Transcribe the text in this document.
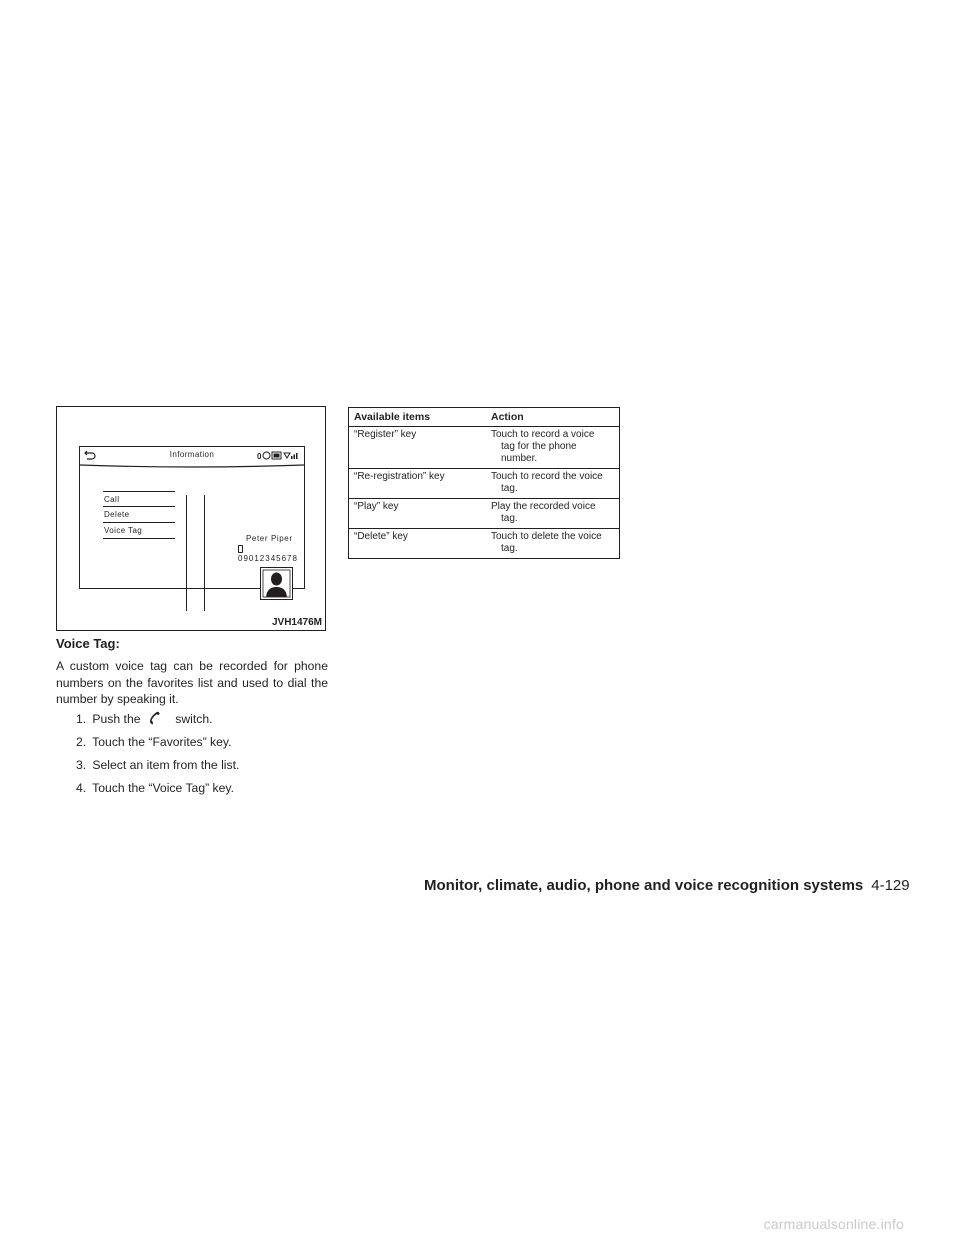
Information	0
Peter Piper
09012345678
Call
Delete
Voice Tag
JVH1476M
Voice Tag:

A custom voice tag can be recorded for phone numbers on the favorites list and used to dial the number by speaking it.

1. Push the	switch.
2. Touch the “Favorites” key.
3. Select an item from the list.
4. Touch the “Voice Tag” key.
Available items	Action
“Register” key	Touch to record a voice
tag for the phone number.

“Re-registration” key	Touch to record the voice
tag.

“Play” key	Play the recorded voice
tag.

“Delete” key	Touch to delete the voice
tag.
Monitor, climate, audio, phone and voice recognition systems 4-129
carmanualsonline.info
